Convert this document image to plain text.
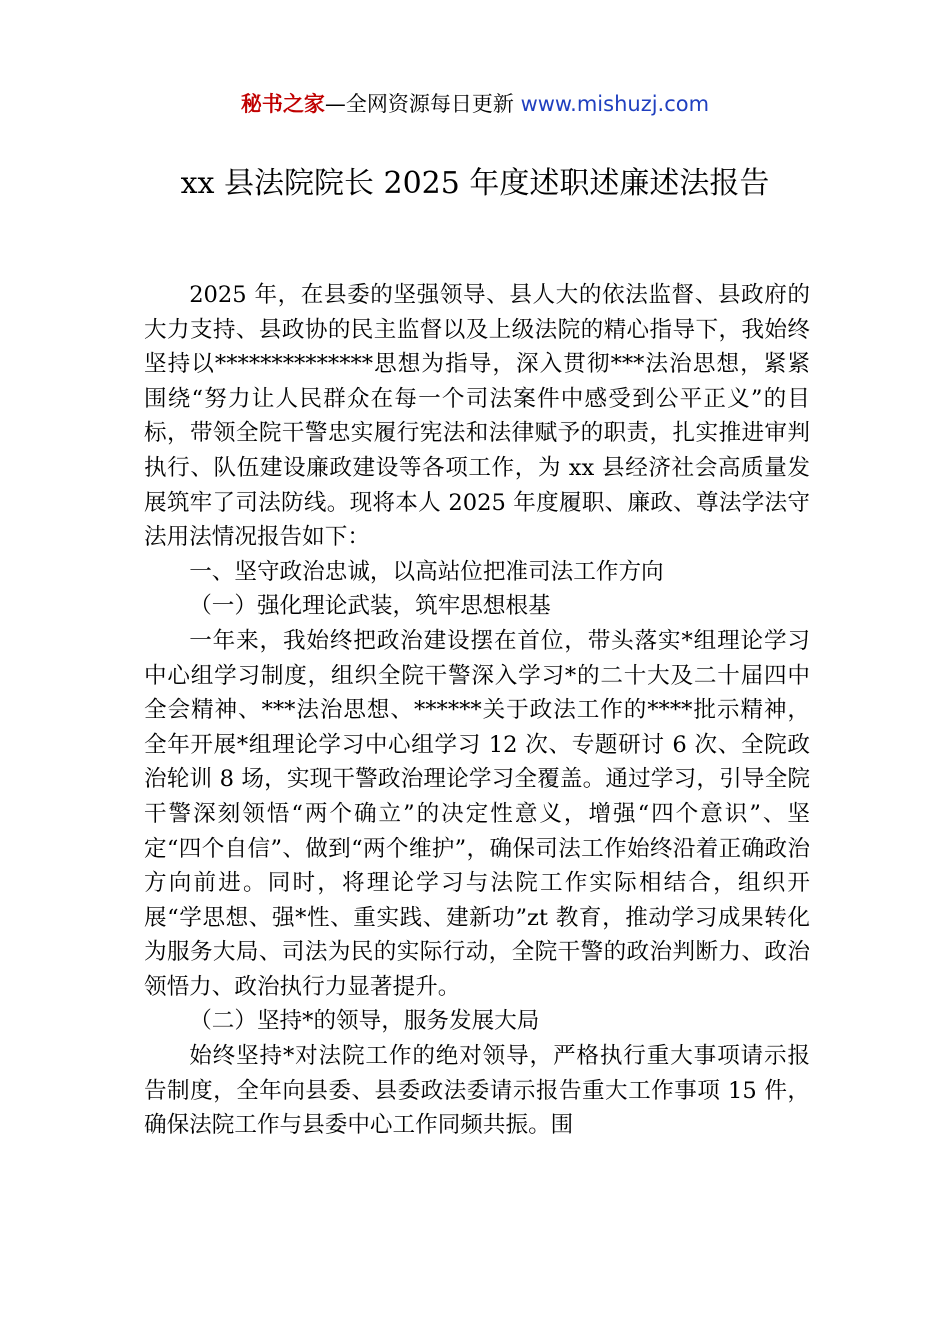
秘书之家—全网资源每日更新 www.mishuzj.com
xx 县法院院长 2025 年度述职述廉述法报告

2025 年，在县委的坚强领导、县人大的依法监督、县政府的大力支持、县政协的民主监督以及上级法院的精心指导下，我始终坚持以**************思想为指导，深入贯彻***法治思想，紧紧围绕“努力让人民群众在每一个司法案件中感受到公平正义”的目标，带领全院干警忠实履行宪法和法律赋予的职责，扎实推进审判执行、队伍建设廉政建设等各项工作，为 xx 县经济社会高质量发展筑牢了司法防线。现将本人 2025 年度履职、廉政、尊法学法守法用法情况报告如下：

一、坚守政治忠诚，以高站位把准司法工作方向

（一）强化理论武装，筑牢思想根基

一年来，我始终把政治建设摆在首位，带头落实*组理论学习中心组学习制度，组织全院干警深入学习*的二十大及二十届四中全会精神、***法治思想、******关于政法工作的****批示精神，全年开展*组理论学习中心组学习 12 次、专题研讨 6 次、全院政治轮训 8 场，实现干警政治理论学习全覆盖。通过学习，引导全院干警深刻领悟“两个确立”的决定性意义，增强“四个意识”、坚定“四个自信”、做到“两个维护”，确保司法工作始终沿着正确政治方向前进。同时，将理论学习与法院工作实际相结合，组织开展“学思想、强*性、重实践、建新功”zt 教育，推动学习成果转化为服务大局、司法为民的实际行动，全院干警的政治判断力、政治领悟力、政治执行力显著提升。

（二）坚持*的领导，服务发展大局

始终坚持*对法院工作的绝对领导，严格执行重大事项请示报告制度，全年向县委、县委政法委请示报告重大工作事项 15 件，确保法院工作与县委中心工作同频共振。围
